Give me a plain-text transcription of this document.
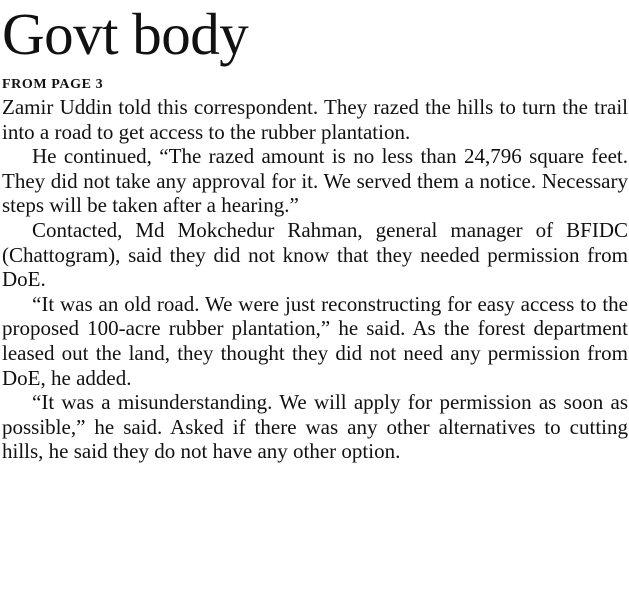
Govt body
FROM PAGE 3

Zamir Uddin told this correspondent. They razed the hills to turn the trail into a road to get access to the rubber plantation.

He continued, “The razed amount is no less than 24,796 square feet. They did not take any approval for it. We served them a notice. Necessary steps will be taken after a hearing.”

Contacted, Md Mokchedur Rahman, general manager of BFIDC (Chattogram), said they did not know that they needed permission from DoE.

“It was an old road. We were just reconstructing for easy access to the proposed 100-acre rubber plantation,” he said. As the forest department leased out the land, they thought they did not need any permission from DoE, he added.

“It was a misunderstanding. We will apply for permission as soon as possible,” he said. Asked if there was any other alternatives to cutting hills, he said they do not have any other option.
